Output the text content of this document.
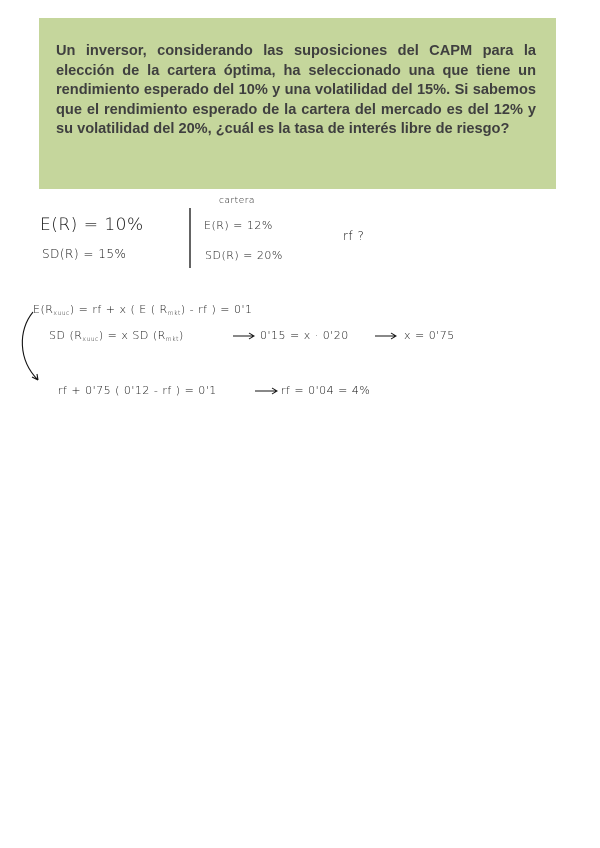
Un inversor, considerando las suposiciones del CAPM para la elección de la cartera óptima, ha seleccionado una que tiene un rendimiento esperado del 10% y una volatilidad del 15%. Si sabemos que el rendimiento esperado de la cartera del mercado es del 12% y su volatilidad del 20%, ¿cuál es la tasa de interés libre de riesgo?

cartera
E(R) = 10%
SD(R) = 15%
E(R) = 12%
SD(R) = 20%
rf ?
$E(R_{xuuc})$ = rf + x ( E ( $R_{mkt}$) - rf ) = 0'1
SD $(R_{xuuc}) = x$ SD $(R_{mkt})$	0'15 = x · 0'20	x = 0'75
rf + 0'75 ( 0'12 - rf ) = 0'1	rf = 0'04 = 4%
